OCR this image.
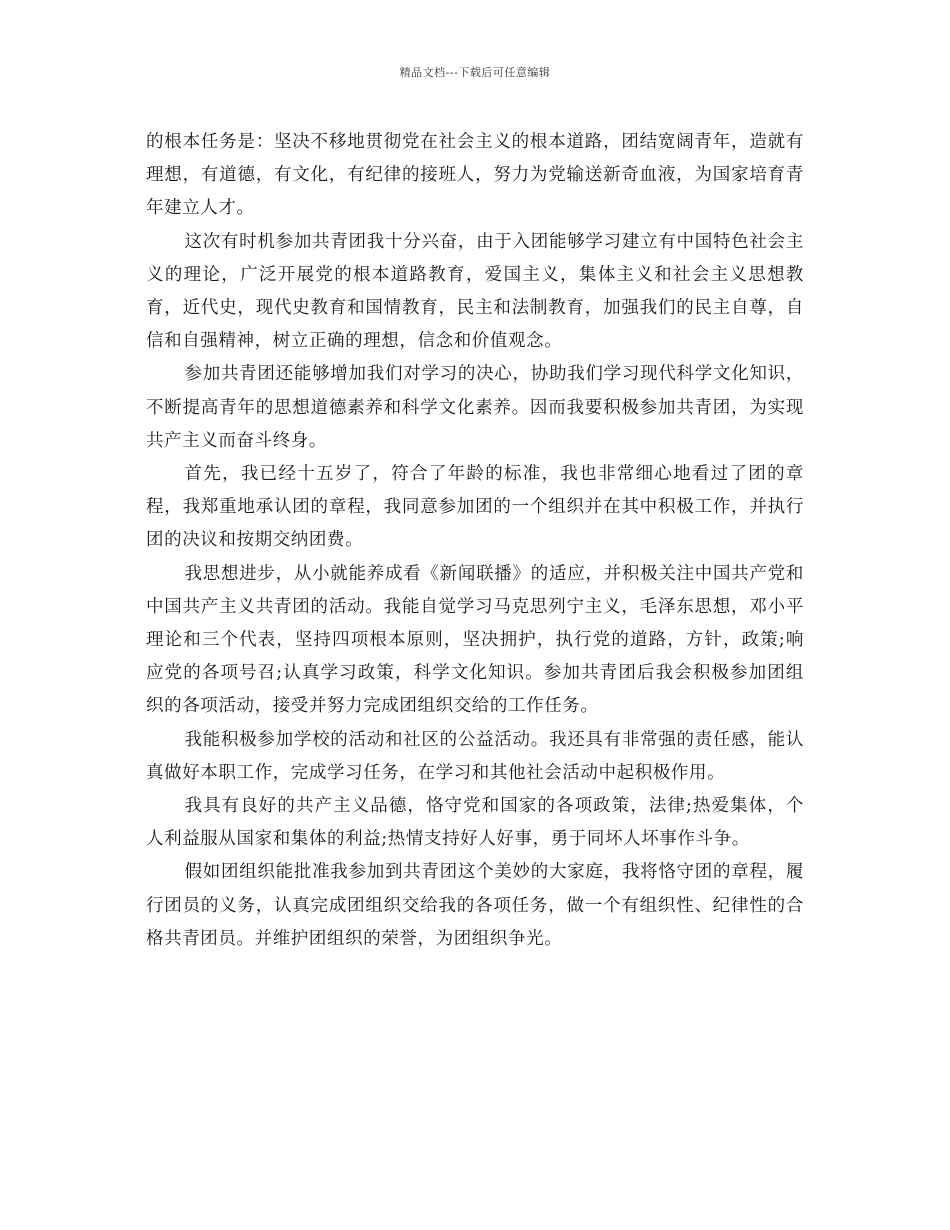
精品文档---下载后可任意编辑

的根本任务是：坚决不移地贯彻党在社会主义的根本道路，团结宽阔青年，造就有理想，有道德，有文化，有纪律的接班人，努力为党输送新奇血液，为国家培育青年建立人才。

这次有时机参加共青团我十分兴奋，由于入团能够学习建立有中国特色社会主义的理论，广泛开展党的根本道路教育，爱国主义，集体主义和社会主义思想教育，近代史，现代史教育和国情教育，民主和法制教育，加强我们的民主自尊，自信和自强精神，树立正确的理想，信念和价值观念。

参加共青团还能够增加我们对学习的决心，协助我们学习现代科学文化知识，不断提高青年的思想道德素养和科学文化素养。因而我要积极参加共青团，为实现共产主义而奋斗终身。

首先，我已经十五岁了，符合了年龄的标准，我也非常细心地看过了团的章程，我郑重地承认团的章程，我同意参加团的一个组织并在其中积极工作，并执行团的决议和按期交纳团费。

我思想进步，从小就能养成看《新闻联播》的适应，并积极关注中国共产党和中国共产主义共青团的活动。我能自觉学习马克思列宁主义，毛泽东思想，邓小平理论和三个代表，坚持四项根本原则，坚决拥护，执行党的道路，方针，政策;响应党的各项号召;认真学习政策，科学文化知识。参加共青团后我会积极参加团组织的各项活动，接受并努力完成团组织交给的工作任务。

我能积极参加学校的活动和社区的公益活动。我还具有非常强的责任感，能认真做好本职工作，完成学习任务，在学习和其他社会活动中起积极作用。

我具有良好的共产主义品德，恪守党和国家的各项政策，法律;热爱集体，个人利益服从国家和集体的利益;热情支持好人好事，勇于同坏人坏事作斗争。

假如团组织能批准我参加到共青团这个美妙的大家庭，我将恪守团的章程，履行团员的义务，认真完成团组织交给我的各项任务，做一个有组织性、纪律性的合格共青团员。并维护团组织的荣誉，为团组织争光。
